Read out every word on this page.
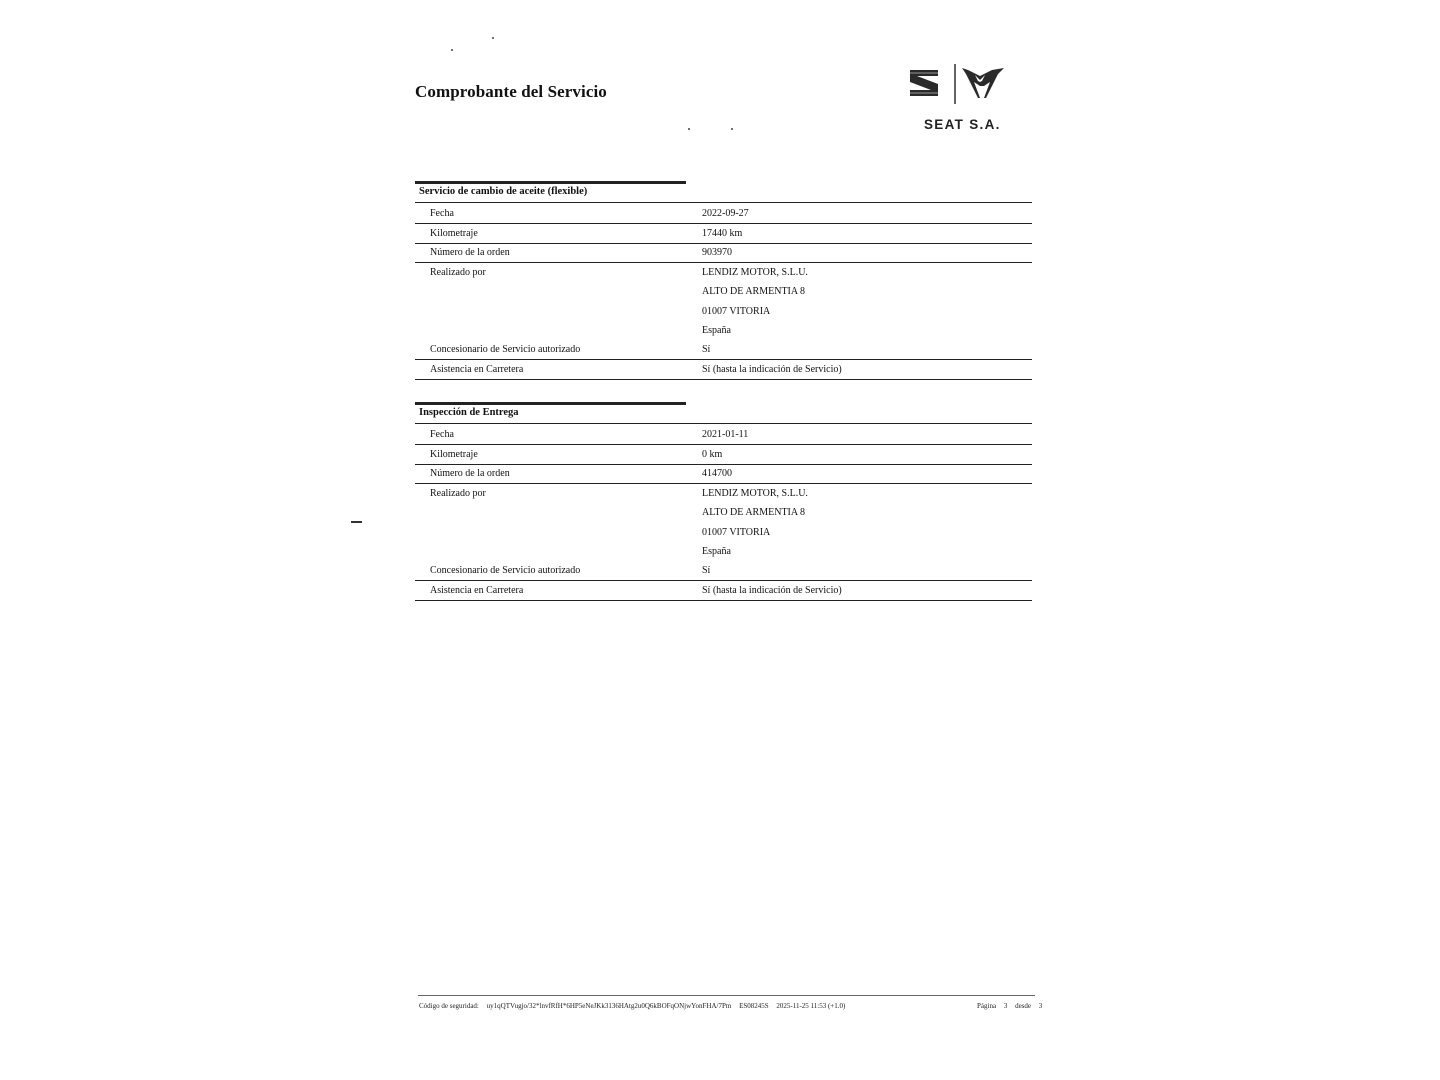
Comprobante del Servicio
SEAT S.A.
Servicio de cambio de aceite (flexible)
Fecha	2022-09-27
Kilometraje	17440 km
Número de la orden	903970
Realizado por	LENDIZ MOTOR, S.L.U.
ALTO DE ARMENTIA 8
01007 VITORIA
España
Concesionario de Servicio autorizado	Sí
Asistencia en Carretera	Sí (hasta la indicación de Servicio)
Inspección de Entrega
Fecha	2021-01-11
Kilometraje	0 km
Número de la orden	414700
Realizado por	LENDIZ MOTOR, S.L.U.
ALTO DE ARMENTIA 8
01007 VITORIA
España
Concesionario de Servicio autorizado	Sí
Asistencia en Carretera	Sí (hasta la indicación de Servicio)
Código de seguridad: uy1qQTVugjo/32*lnvfRfH*6HP5eNeJKk3136HAtg2u0Q6kBOFqONjwYonFHA/7Pm ES08245S 2025-11-25 11:53 (+1.0)	Página 3 desde 3
